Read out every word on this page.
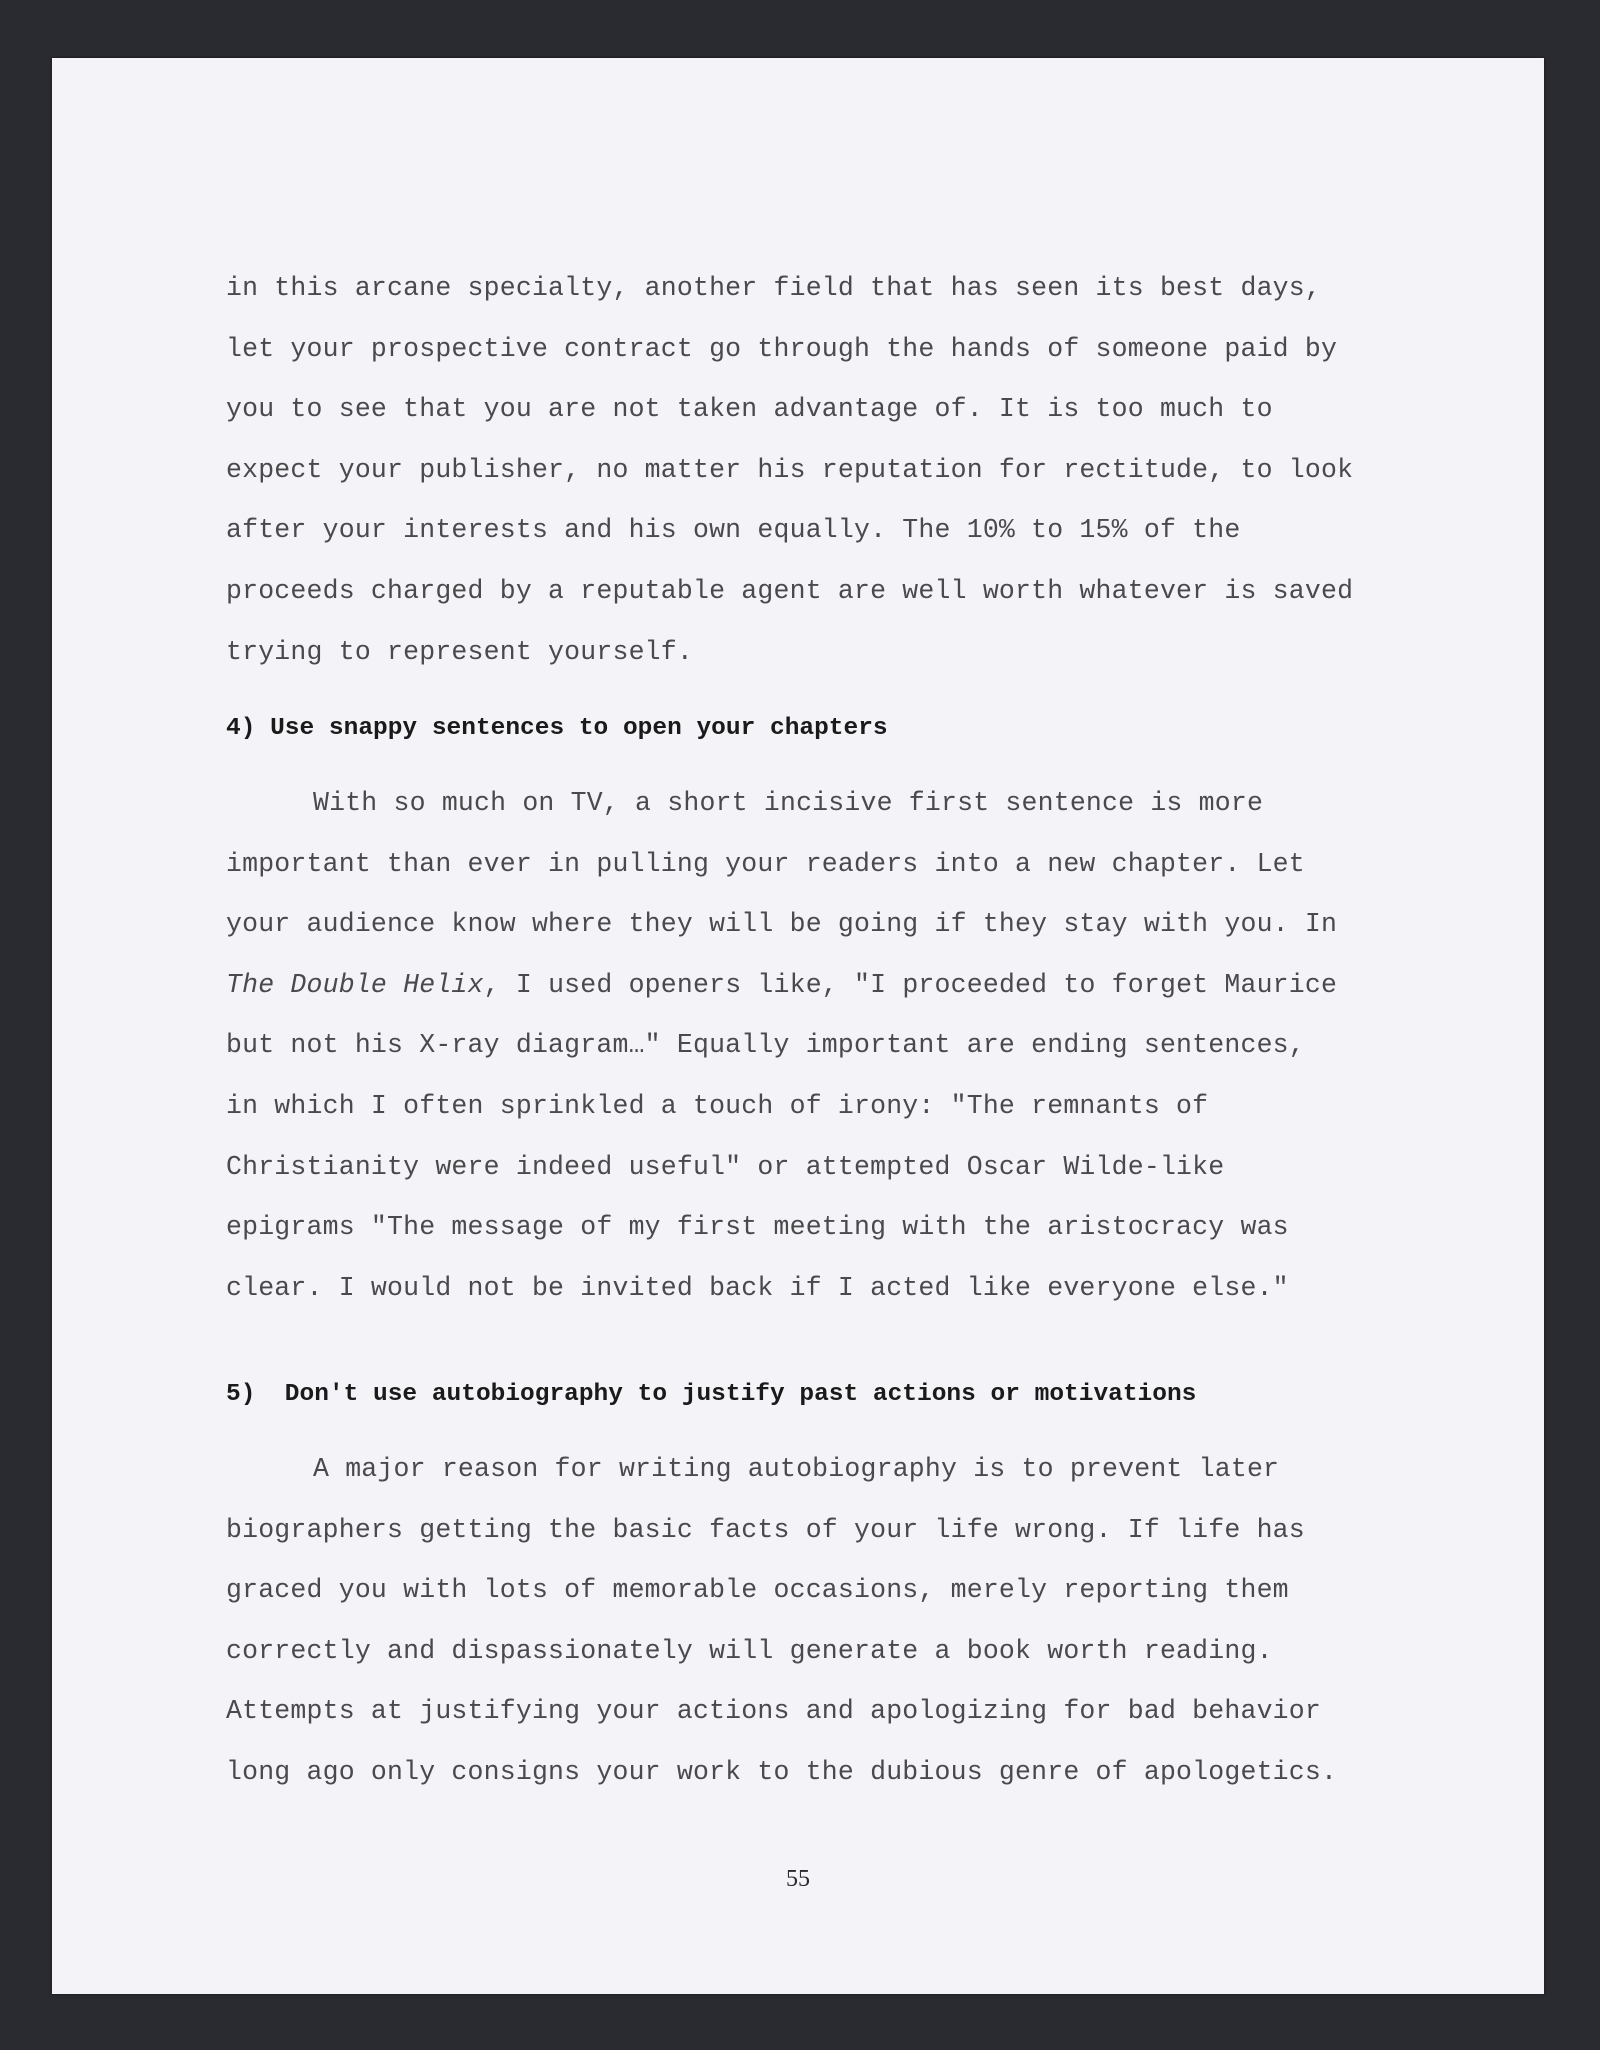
in this arcane specialty, another field that has seen its best days,
let your prospective contract go through the hands of someone paid by
you to see that you are not taken advantage of. It is too much to
expect your publisher, no matter his reputation for rectitude, to look
after your interests and his own equally. The 10% to 15% of the
proceeds charged by a reputable agent are well worth whatever is saved
trying to represent yourself.
4) Use snappy sentences to open your chapters
With so much on TV, a short incisive first sentence is more
important than ever in pulling your readers into a new chapter. Let
your audience know where they will be going if they stay with you. In
The Double Helix, I used openers like, "I proceeded to forget Maurice
but not his X-ray diagram…" Equally important are ending sentences,
in which I often sprinkled a touch of irony: "The remnants of
Christianity were indeed useful" or attempted Oscar Wilde-like
epigrams "The message of my first meeting with the aristocracy was
clear. I would not be invited back if I acted like everyone else."
5)  Don't use autobiography to justify past actions or motivations
A major reason for writing autobiography is to prevent later
biographers getting the basic facts of your life wrong. If life has
graced you with lots of memorable occasions, merely reporting them
correctly and dispassionately will generate a book worth reading.
Attempts at justifying your actions and apologizing for bad behavior
long ago only consigns your work to the dubious genre of apologetics.
55
